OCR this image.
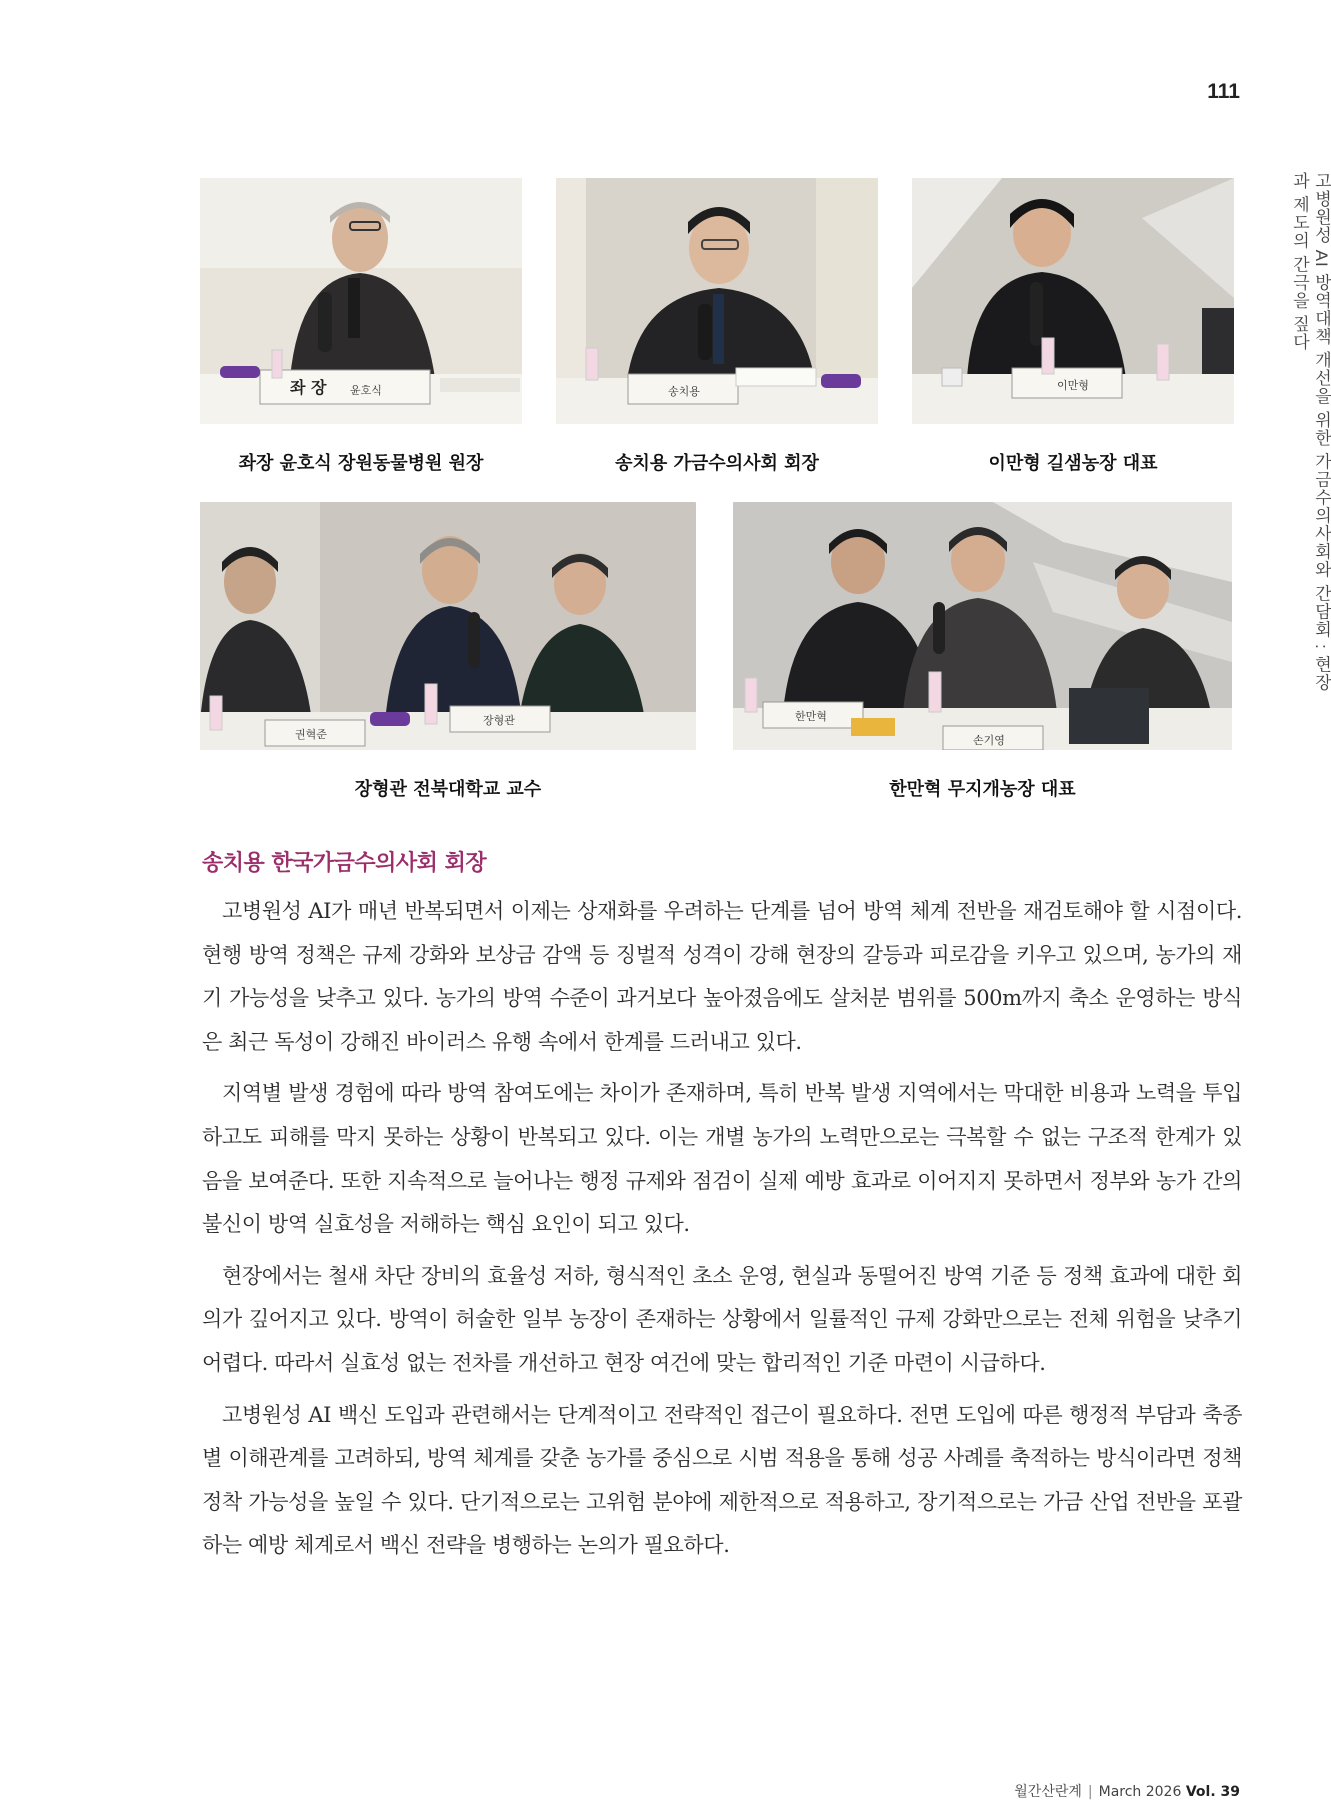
111
고병원성 AI 방역대책 개선을 위한 가금수의사회와 간담회 : 현장과 제도의 간극을 짚다
좌 장 윤호식
좌장 윤호식 장원동물병원 원장
송치용
송치용 가금수의사회 회장
이만형
이만형 길샘농장 대표
권혁준
장형관
장형관 전북대학교 교수
한만혁
손기영
한만혁 무지개농장 대표
송치용 한국가금수의사회 회장

고병원성 AI가 매년 반복되면서 이제는 상재화를 우려하는 단계를 넘어 방역 체계 전반을 재검토해야 할 시점이다. 현행 방역 정책은 규제 강화와 보상금 감액 등 징벌적 성격이 강해 현장의 갈등과 피로감을 키우고 있으며, 농가의 재기 가능성을 낮추고 있다. 농가의 방역 수준이 과거보다 높아졌음에도 살처분 범위를 500m까지 축소 운영하는 방식은 최근 독성이 강해진 바이러스 유행 속에서 한계를 드러내고 있다.

지역별 발생 경험에 따라 방역 참여도에는 차이가 존재하며, 특히 반복 발생 지역에서는 막대한 비용과 노력을 투입하고도 피해를 막지 못하는 상황이 반복되고 있다. 이는 개별 농가의 노력만으로는 극복할 수 없는 구조적 한계가 있음을 보여준다. 또한 지속적으로 늘어나는 행정 규제와 점검이 실제 예방 효과로 이어지지 못하면서 정부와 농가 간의 불신이 방역 실효성을 저해하는 핵심 요인이 되고 있다.

현장에서는 철새 차단 장비의 효율성 저하, 형식적인 초소 운영, 현실과 동떨어진 방역 기준 등 정책 효과에 대한 회의가 깊어지고 있다. 방역이 허술한 일부 농장이 존재하는 상황에서 일률적인 규제 강화만으로는 전체 위험을 낮추기 어렵다. 따라서 실효성 없는 전차를 개선하고 현장 여건에 맞는 합리적인 기준 마련이 시급하다.

고병원성 AI 백신 도입과 관련해서는 단계적이고 전략적인 접근이 필요하다. 전면 도입에 따른 행정적 부담과 축종별 이해관계를 고려하되, 방역 체계를 갖춘 농가를 중심으로 시범 적용을 통해 성공 사례를 축적하는 방식이라면 정책 정착 가능성을 높일 수 있다. 단기적으로는 고위험 분야에 제한적으로 적용하고, 장기적으로는 가금 산업 전반을 포괄하는 예방 체계로서 백신 전략을 병행하는 논의가 필요하다.

월간산란계 | March 2026 Vol. 39
